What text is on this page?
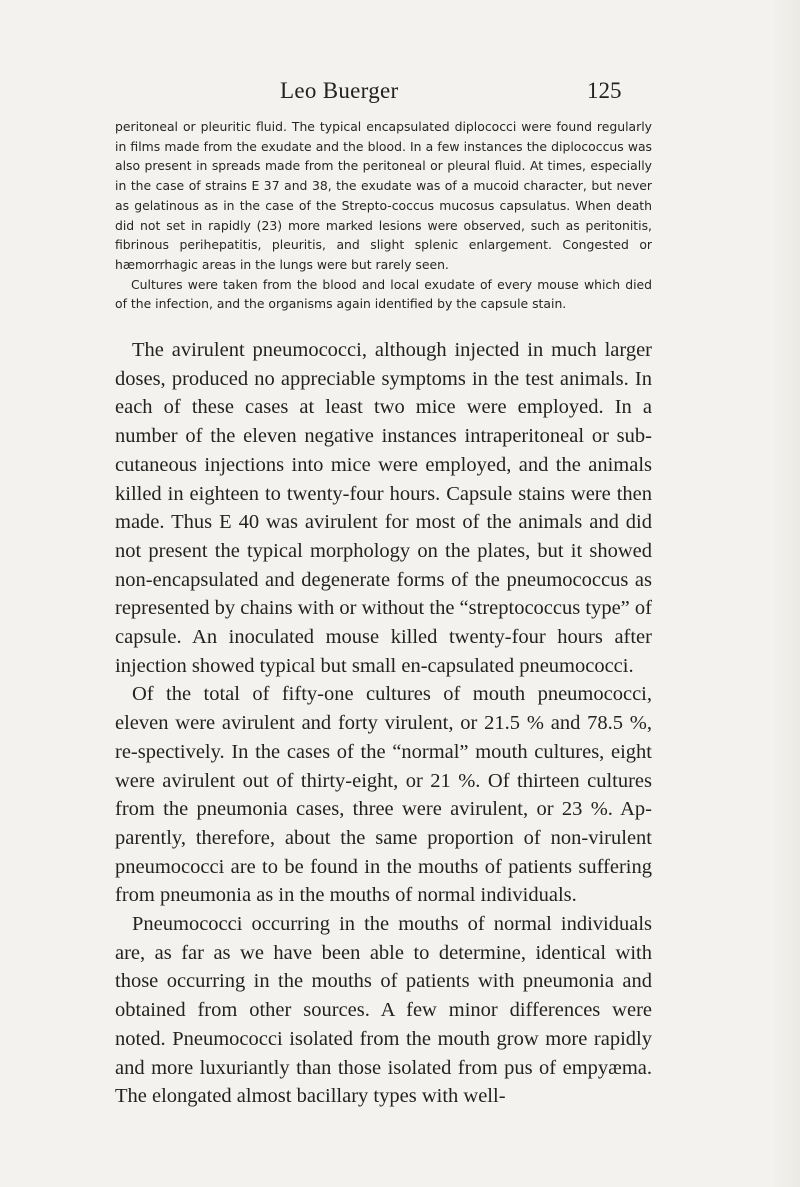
Leo Buerger	125

peritoneal or pleuritic fluid. The typical encapsulated diplococci were found regularly in films made from the exudate and the blood. In a few instances the diplococcus was also present in spreads made from the peritoneal or pleural fluid. At times, especially in the case of strains E 37 and 38, the exudate was of a mucoid character, but never as gelatinous as in the case of the Strepto-coccus mucosus capsulatus. When death did not set in rapidly (23) more marked lesions were observed, such as peritonitis, fibrinous perihepatitis, pleuritis, and slight splenic enlargement. Congested or hæmorrhagic areas in the lungs were but rarely seen.

Cultures were taken from the blood and local exudate of every mouse which died of the infection, and the organisms again identified by the capsule stain.

The avirulent pneumococci, although injected in much larger doses, produced no appreciable symptoms in the test animals. In each of these cases at least two mice were employed. In a number of the eleven negative instances intraperitoneal or sub-cutaneous injections into mice were employed, and the animals killed in eighteen to twenty-four hours. Capsule stains were then made. Thus E 40 was avirulent for most of the animals and did not present the typical morphology on the plates, but it showed non-encapsulated and degenerate forms of the pneumococcus as represented by chains with or without the “streptococcus type” of capsule. An inoculated mouse killed twenty-four hours after injection showed typical but small en-capsulated pneumococci.

Of the total of fifty-one cultures of mouth pneumococci, eleven were avirulent and forty virulent, or 21.5 % and 78.5 %, re-spectively. In the cases of the “normal” mouth cultures, eight were avirulent out of thirty-eight, or 21 %. Of thirteen cultures from the pneumonia cases, three were avirulent, or 23 %. Ap-parently, therefore, about the same proportion of non-virulent pneumococci are to be found in the mouths of patients suffering from pneumonia as in the mouths of normal individuals.

Pneumococci occurring in the mouths of normal individuals are, as far as we have been able to determine, identical with those occurring in the mouths of patients with pneumonia and obtained from other sources. A few minor differences were noted. Pneumococci isolated from the mouth grow more rapidly and more luxuriantly than those isolated from pus of empyæma. The elongated almost bacillary types with well-
